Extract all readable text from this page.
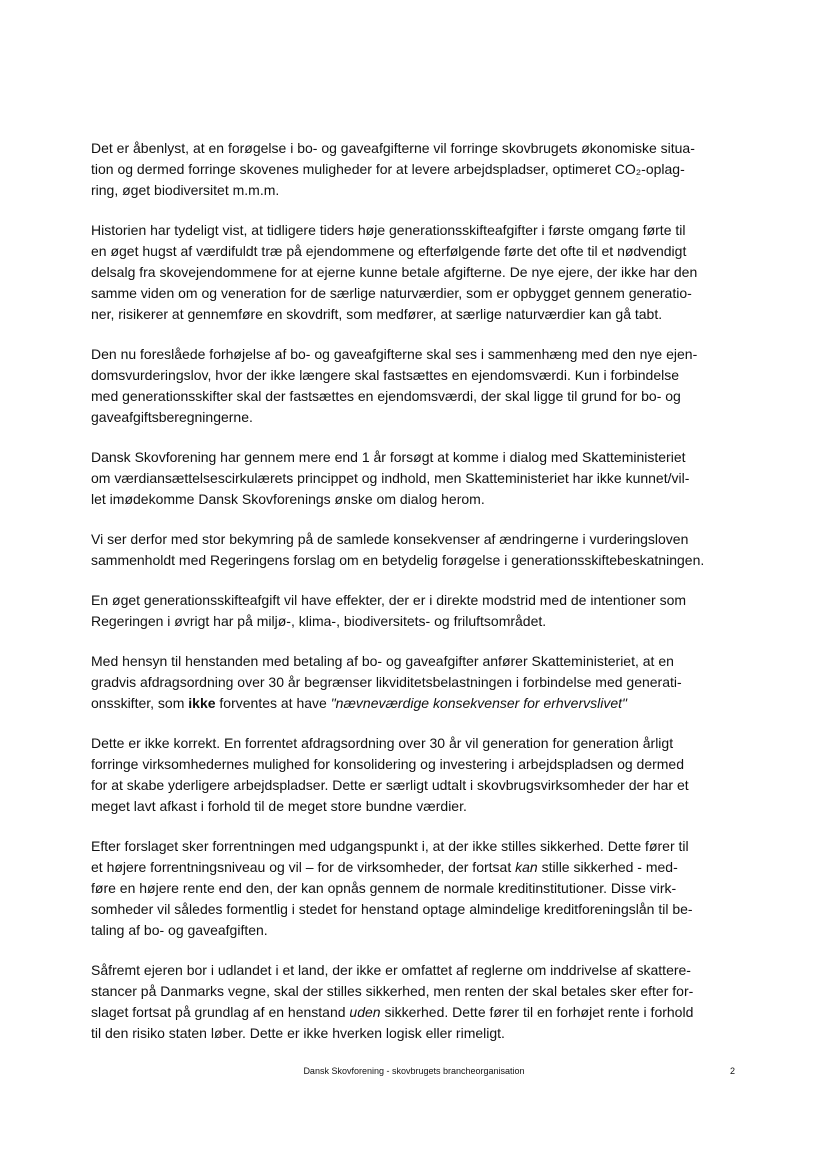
Det er åbenlyst, at en forøgelse i bo- og gaveafgifterne vil forringe skovbrugets økonomiske situa-
tion og dermed forringe skovenes muligheder for at levere arbejdspladser, optimeret CO₂-oplag-
ring, øget biodiversitet m.m.m.

Historien har tydeligt vist, at tidligere tiders høje generationsskifteafgifter i første omgang førte til
en øget hugst af værdifuldt træ på ejendommene og efterfølgende førte det ofte til et nødvendigt
delsalg fra skovejendommene for at ejerne kunne betale afgifterne. De nye ejere, der ikke har den
samme viden om og veneration for de særlige naturværdier, som er opbygget gennem generatio-
ner, risikerer at gennemføre en skovdrift, som medfører, at særlige naturværdier kan gå tabt.

Den nu foreslåede forhøjelse af bo- og gaveafgifterne skal ses i sammenhæng med den nye ejen-
domsvurderingslov, hvor der ikke længere skal fastsættes en ejendomsværdi. Kun i forbindelse
med generationsskifter skal der fastsættes en ejendomsværdi, der skal ligge til grund for bo- og
gaveafgiftsberegningerne.

Dansk Skovforening har gennem mere end 1 år forsøgt at komme i dialog med Skatteministeriet
om værdiansættelsescirkulærets princippet og indhold, men Skatteministeriet har ikke kunnet/vil-
let imødekomme Dansk Skovforenings ønske om dialog herom.

Vi ser derfor med stor bekymring på de samlede konsekvenser af ændringerne i vurderingsloven
sammenholdt med Regeringens forslag om en betydelig forøgelse i generationsskiftebeskatningen.

En øget generationsskifteafgift vil have effekter, der er i direkte modstrid med de intentioner som
Regeringen i øvrigt har på miljø-, klima-, biodiversitets- og friluftsområdet.

Med hensyn til henstanden med betaling af bo- og gaveafgifter anfører Skatteministeriet, at en
gradvis afdragsordning over 30 år begrænser likviditetsbelastningen i forbindelse med generati-
onsskifter, som ikke forventes at have "nævneværdige konsekvenser for erhvervslivet"

Dette er ikke korrekt. En forrentet afdragsordning over 30 år vil generation for generation årligt
forringe virksomhedernes mulighed for konsolidering og investering i arbejdspladsen og dermed
for at skabe yderligere arbejdspladser. Dette er særligt udtalt i skovbrugsvirksomheder der har et
meget lavt afkast i forhold til de meget store bundne værdier.

Efter forslaget sker forrentningen med udgangspunkt i, at der ikke stilles sikkerhed. Dette fører til
et højere forrentningsniveau og vil – for de virksomheder, der fortsat kan stille sikkerhed - med-
føre en højere rente end den, der kan opnås gennem de normale kreditinstitutioner. Disse virk-
somheder vil således formentlig i stedet for henstand optage almindelige kreditforeningslån til be-
taling af bo- og gaveafgiften.

Såfremt ejeren bor i udlandet i et land, der ikke er omfattet af reglerne om inddrivelse af skattere-
stancer på Danmarks vegne, skal der stilles sikkerhed, men renten der skal betales sker efter for-
slaget fortsat på grundlag af en henstand uden sikkerhed. Dette fører til en forhøjet rente i forhold
til den risiko staten løber. Dette er ikke hverken logisk eller rimeligt.

Dansk Skovforening - skovbrugets brancheorganisation	2
